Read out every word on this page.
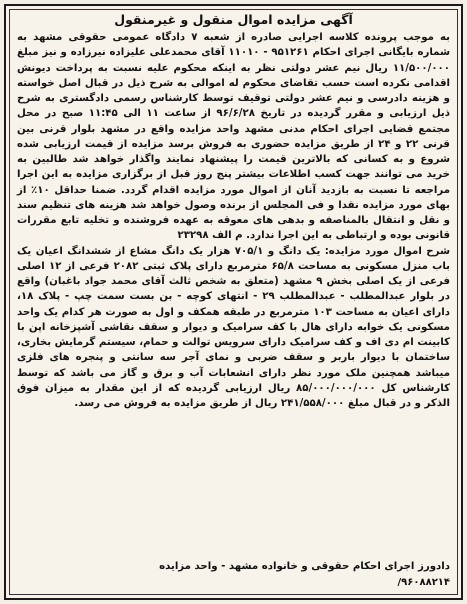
آگهی مزایده اموال منقول و غیرمنقول

به موجب پرونده کلاسه اجرایی صادره از شعبه ۷ دادگاه عمومی حقوقی مشهد به شماره بایگانی اجرای احکام ۹۵۱۲۶۱ - ۱۱۰۱۰ آقای محمدعلی علیزاده نیرزاده و نیز مبلغ ۱۱/۵۰۰/۰۰۰ ریال نیم عشر دولتی نظر به اینکه محکوم علیه نسبت به پرداخت دیونش اقدامی نکرده است حسب تقاضای محکوم له اموالی به شرح ذیل در قبال اصل خواسته و هزینه دادرسی و نیم عشر دولتی توقیف توسط کارشناس رسمی دادگستری به شرح ذیل ارزیابی و مقرر گردیده در تاریخ ۹۶/۶/۲۸ از ساعت ۱۱ الی ۱۱:۴۵ صبح در محل مجتمع قضایی اجرای احکام مدنی مشهد واحد مزایده واقع در مشهد بلوار قرنی بین قرنی ۲۲ و ۲۴ از طریق مزایده حضوری به فروش برسد مزایده از قیمت ارزیابی شده شروع و به کسانی که بالاترین قیمت را پیشنهاد نمایند واگذار خواهد شد طالبین به خرید می توانند جهت کسب اطلاعات بیشتر پنج روز قبل از برگزاری مزایده به این اجرا مراجعه تا نسبت به بازدید آنان از اموال مورد مزایده اقدام گردد. ضمنا حداقل ۱۰٪ از بهای مورد مزایده نقدا و فی المجلس از برنده وصول خواهد شد هزینه های تنظیم سند و نقل و انتقال بالمناصفه و بدهی های معوقه به عهده فروشنده و تخلیه تابع مقررات قانونی بوده و ارتباطی به این اجرا ندارد. م الف ۲۳۲۹۸

شرح اموال مورد مزایده: یک دانگ و ۷۰۵/۱ هزار یک دانگ مشاع از ششدانگ اعیان یک باب منزل مسکونی به مساحت ۶۵/۸ مترمربع دارای پلاک ثبتی ۲۰۸۲ فرعی از ۱۲ اصلی فرعی از یک اصلی بخش ۹ مشهد (متعلق به شخص ثالث آقای محمد جواد باغبان) واقع در بلوار عبدالمطلب - عبدالمطلب ۲۹ - انتهای کوچه - بن بست سمت چپ - پلاک ۱۸، دارای اعیان به مساحت ۱۰۳ مترمربع در طبقه همکف و اول به صورت هر کدام یک واحد مسکونی یک خوابه دارای هال با کف سرامیک و دیوار و سقف نقاشی آشپزخانه اپن با کابینت ام دی اف و کف سرامیک دارای سرویس توالت و حمام، سیستم گرمایش بخاری، ساختمان با دیوار باربر و سقف ضربی و نمای آجر سه سانتی و پنجره های فلزی میباشد همچنین ملک مورد نظر دارای انشعابات آب و برق و گاز می باشد که توسط کارشناس کل ۸۵/۰۰۰/۰۰۰/۰۰۰ ریال ارزیابی گردیده که از این مقدار به میزان فوق الذکر و در قبال مبلغ ۲۴۱/۵۵۸/۰۰۰ ریال از طریق مزایده به فروش می رسد.

دادورز اجرای احکام حقوقی و خانواده مشهد - واحد مزایده
۹۶۰۸۸۲۱۴/
